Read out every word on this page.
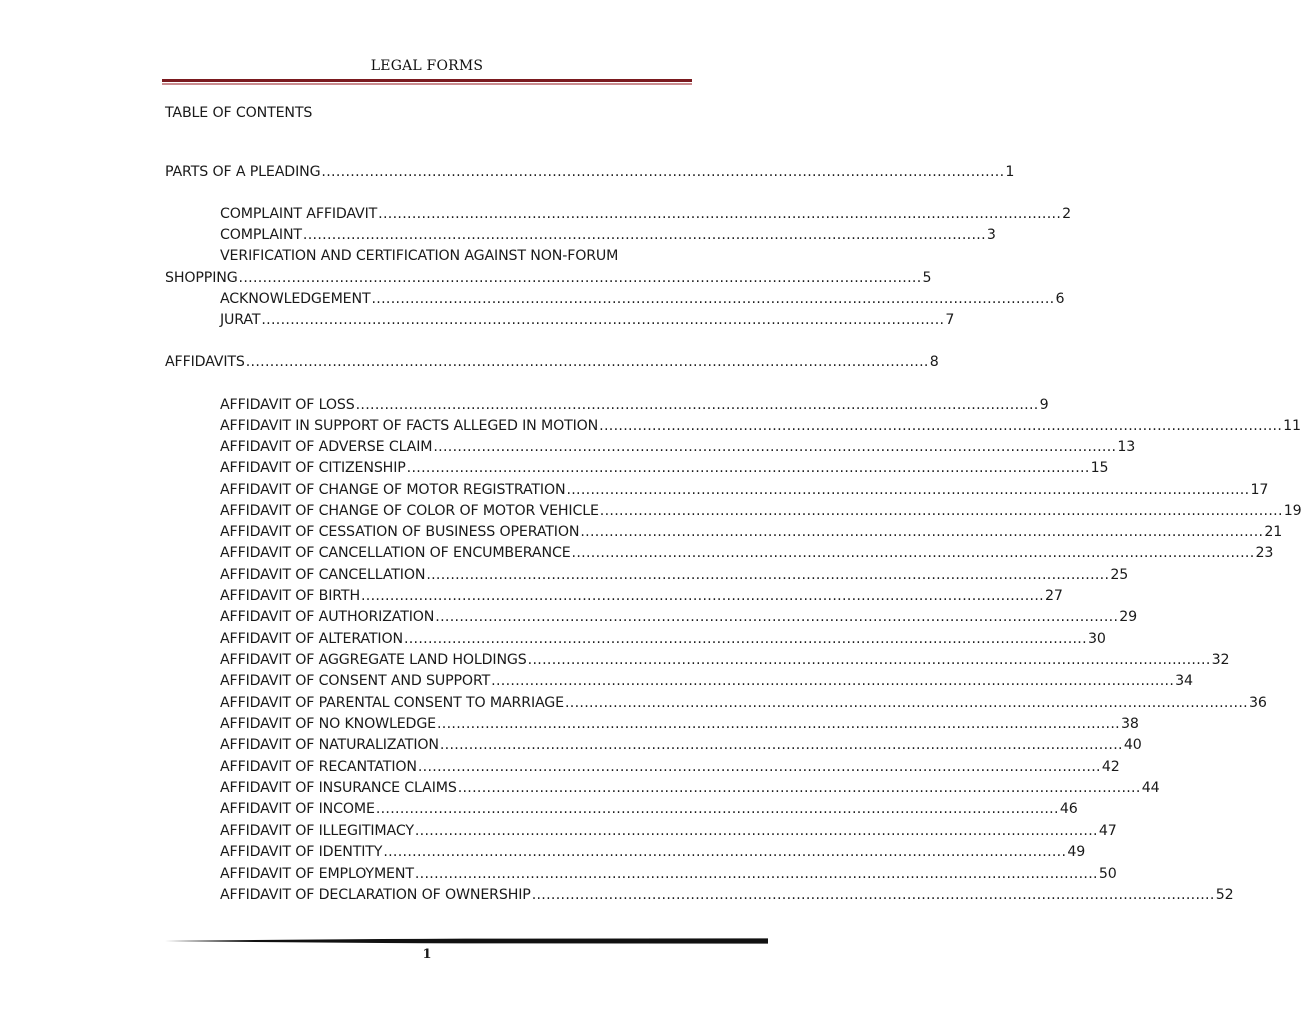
LEGAL FORMS
TABLE OF CONTENTS
PARTS OF A PLEADING .............................................................................................................................................. 1
COMPLAINT AFFIDAVIT .............................................................................................................................................. 2
COMPLAINT .............................................................................................................................................. 3
VERIFICATION AND CERTIFICATION AGAINST NON-FORUM
SHOPPING .............................................................................................................................................. 5
ACKNOWLEDGEMENT .............................................................................................................................................. 6
JURAT .............................................................................................................................................. 7
AFFIDAVITS .............................................................................................................................................. 8
AFFIDAVIT OF LOSS .............................................................................................................................................. 9
AFFIDAVIT IN SUPPORT OF FACTS ALLEGED IN MOTION .............................................................................................................................................. 11
AFFIDAVIT OF ADVERSE CLAIM .............................................................................................................................................. 13
AFFIDAVIT OF CITIZENSHIP .............................................................................................................................................. 15
AFFIDAVIT OF CHANGE OF MOTOR REGISTRATION .............................................................................................................................................. 17
AFFIDAVIT OF CHANGE OF COLOR OF MOTOR VEHICLE .............................................................................................................................................. 19
AFFIDAVIT OF CESSATION OF BUSINESS OPERATION .............................................................................................................................................. 21
AFFIDAVIT OF CANCELLATION OF ENCUMBERANCE .............................................................................................................................................. 23
AFFIDAVIT OF CANCELLATION .............................................................................................................................................. 25
AFFIDAVIT OF BIRTH .............................................................................................................................................. 27
AFFIDAVIT OF AUTHORIZATION .............................................................................................................................................. 29
AFFIDAVIT OF ALTERATION .............................................................................................................................................. 30
AFFIDAVIT OF AGGREGATE LAND HOLDINGS .............................................................................................................................................. 32
AFFIDAVIT OF CONSENT AND SUPPORT .............................................................................................................................................. 34
AFFIDAVIT OF PARENTAL CONSENT TO MARRIAGE .............................................................................................................................................. 36
AFFIDAVIT OF NO KNOWLEDGE .............................................................................................................................................. 38
AFFIDAVIT OF NATURALIZATION .............................................................................................................................................. 40
AFFIDAVIT OF RECANTATION .............................................................................................................................................. 42
AFFIDAVIT OF INSURANCE CLAIMS .............................................................................................................................................. 44
AFFIDAVIT OF INCOME .............................................................................................................................................. 46
AFFIDAVIT OF ILLEGITIMACY .............................................................................................................................................. 47
AFFIDAVIT OF IDENTITY .............................................................................................................................................. 49
AFFIDAVIT OF EMPLOYMENT .............................................................................................................................................. 50
AFFIDAVIT OF DECLARATION OF OWNERSHIP .............................................................................................................................................. 52
1
